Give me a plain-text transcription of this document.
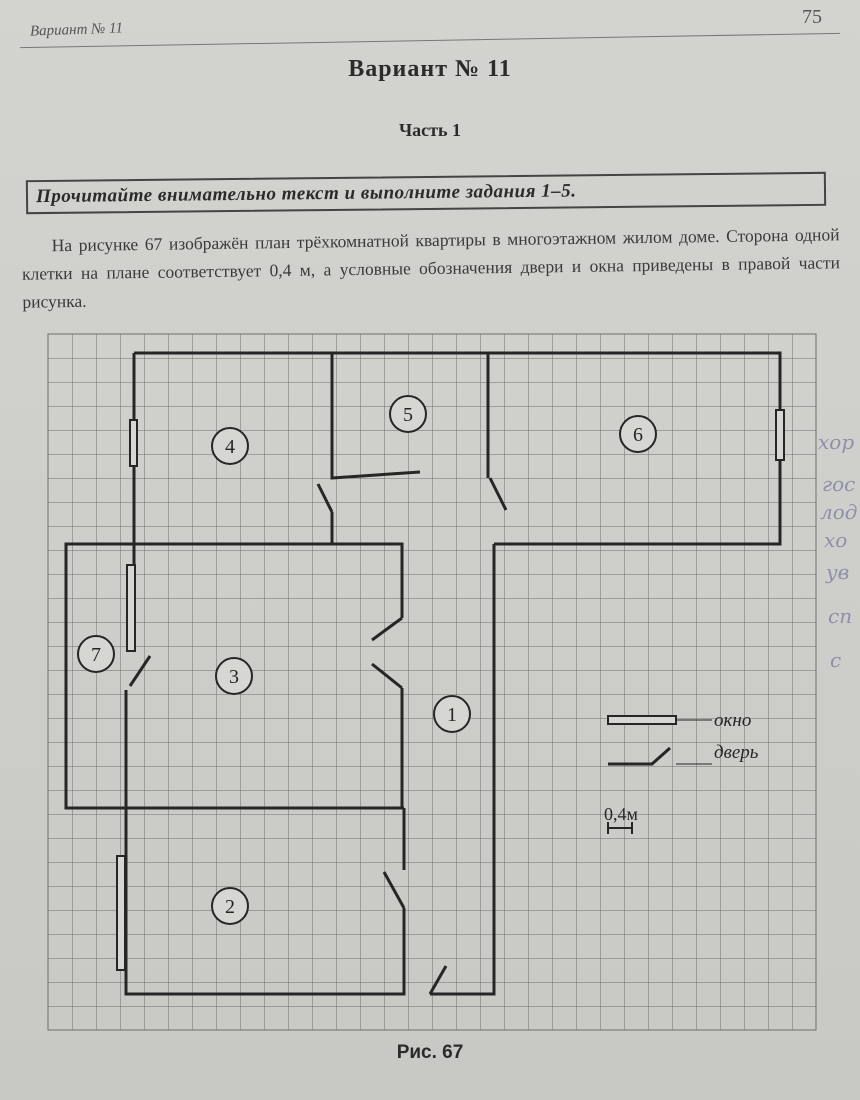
Вариант № 11
75
Вариант № 11
Часть 1
Прочитайте внимательно текст и выполните задания 1–5.
На рисунке 67 изображён план трёхкомнатной квартиры в многоэтажном жилом доме. Сторона одной клетки на плане соответствует 0,4 м, а условные обозначения двери и окна приведены в правой части рисунка.
1
2
3
4
5
6
7
окно
дверь
0,4м
Рис. 67
хор
гос
лод
хо
ув
сп
с
